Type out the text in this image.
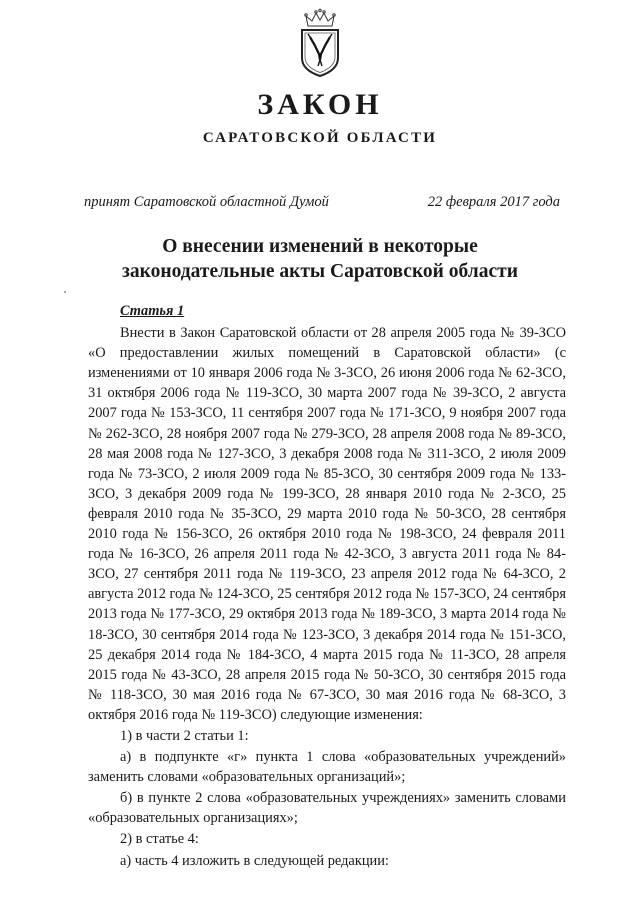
ЗАКОН
САРАТОВСКОЙ ОБЛАСТИ
принят Саратовской областной Думой	22 февраля 2017 года
О внесении изменений в некоторые
законодательные акты Саратовской области
Статья 1

Внести в Закон Саратовской области от 28 апреля 2005 года № 39-ЗСО «О предоставлении жилых помещений в Саратовской области» (с изменениями от 10 января 2006 года № 3-ЗСО, 26 июня 2006 года № 62-ЗСО, 31 октября 2006 года № 119-ЗСО, 30 марта 2007 года № 39-ЗСО, 2 августа 2007 года № 153-ЗСО, 11 сентября 2007 года № 171-ЗСО, 9 ноября 2007 года № 262-ЗСО, 28 ноября 2007 года № 279-ЗСО, 28 апреля 2008 года № 89-ЗСО, 28 мая 2008 года № 127-ЗСО, 3 декабря 2008 года № 311-ЗСО, 2 июля 2009 года № 73-ЗСО, 2 июля 2009 года № 85-ЗСО, 30 сентября 2009 года № 133-ЗСО, 3 декабря 2009 года № 199-ЗСО, 28 января 2010 года № 2-ЗСО, 25 февраля 2010 года № 35-ЗСО, 29 марта 2010 года № 50-ЗСО, 28 сентября 2010 года № 156-ЗСО, 26 октября 2010 года № 198-ЗСО, 24 февраля 2011 года № 16-ЗСО, 26 апреля 2011 года № 42-ЗСО, 3 августа 2011 года № 84-ЗСО, 27 сентября 2011 года № 119-ЗСО, 23 апреля 2012 года № 64-ЗСО, 2 августа 2012 года № 124-ЗСО, 25 сентября 2012 года № 157-ЗСО, 24 сентября 2013 года № 177-ЗСО, 29 октября 2013 года № 189-ЗСО, 3 марта 2014 года № 18-ЗСО, 30 сентября 2014 года № 123-ЗСО, 3 декабря 2014 года № 151-ЗСО, 25 декабря 2014 года № 184-ЗСО, 4 марта 2015 года № 11-ЗСО, 28 апреля 2015 года № 43-ЗСО, 28 апреля 2015 года № 50-ЗСО, 30 сентября 2015 года № 118-ЗСО, 30 мая 2016 года № 67-ЗСО, 30 мая 2016 года № 68-ЗСО, 3 октября 2016 года № 119-ЗСО) следующие изменения:

1) в части 2 статьи 1:

а) в подпункте «г» пункта 1 слова «образовательных учреждений» заменить словами «образовательных организаций»;

б) в пункте 2 слова «образовательных учреждениях» заменить словами «образовательных организациях»;

2) в статье 4:

а) часть 4 изложить в следующей редакции:
